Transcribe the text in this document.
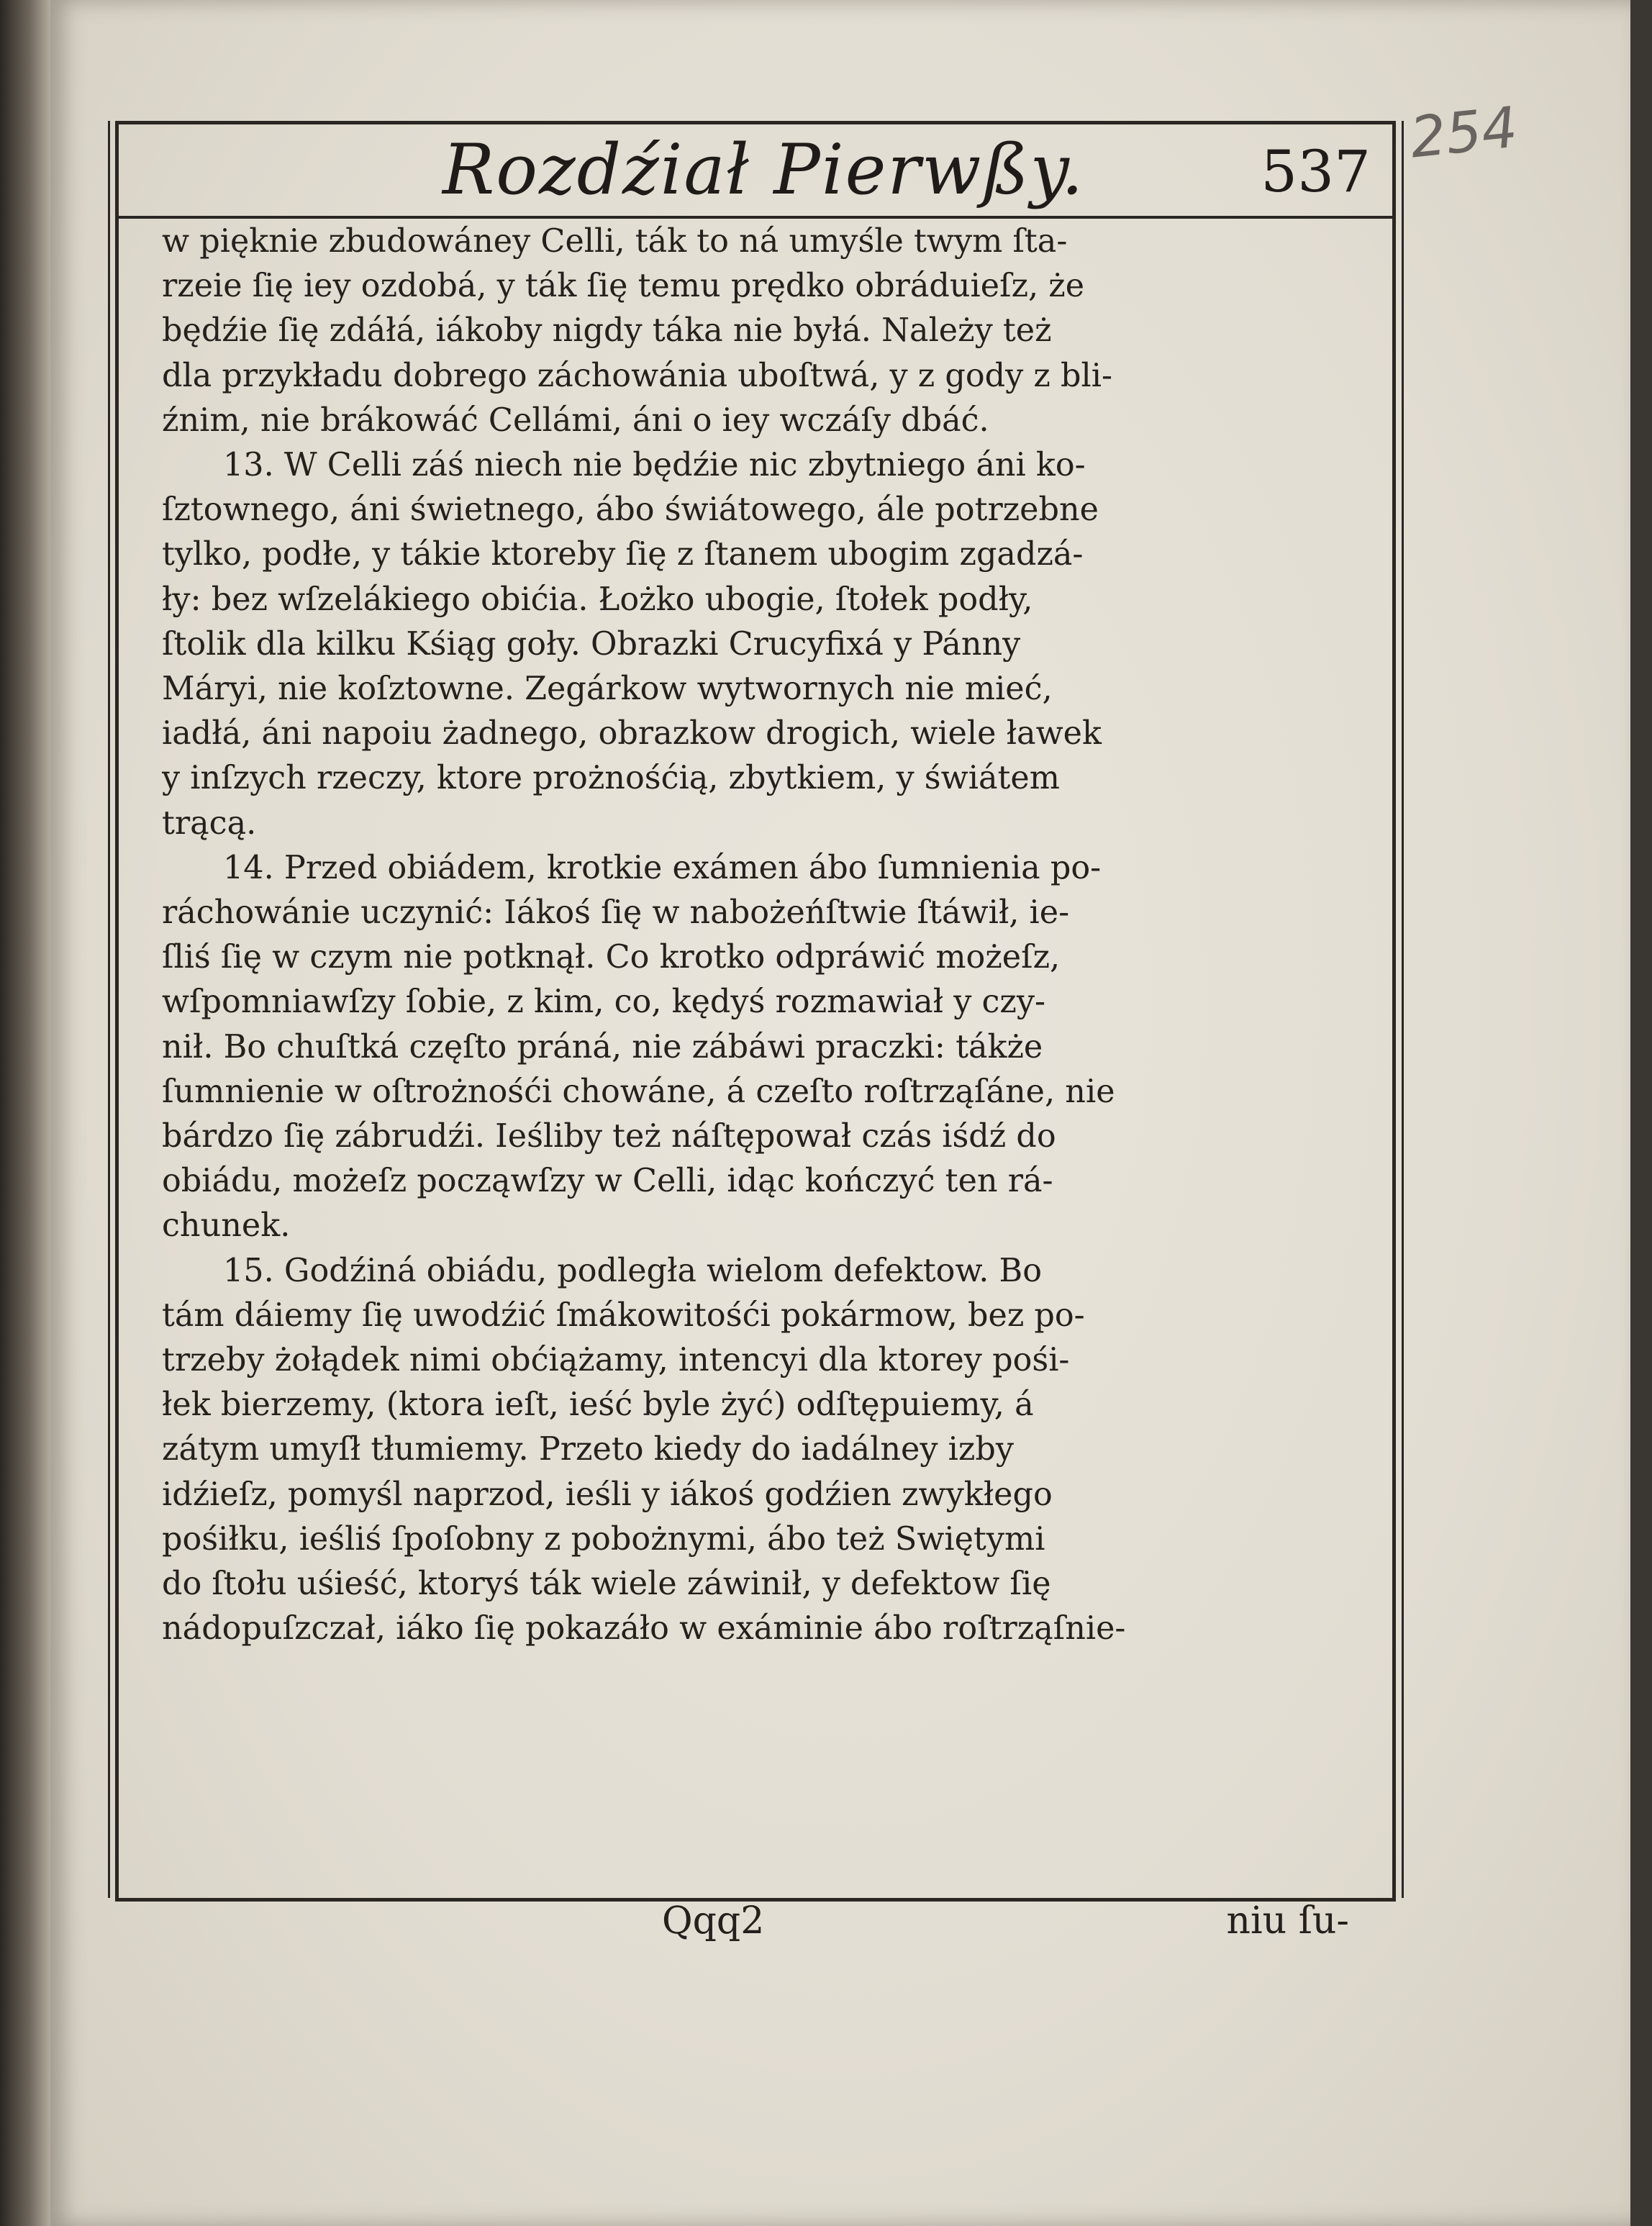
254
Rozdźiał Pierwßy.	537
w pięknie zbudowáney Celli, ták to ná umyśle twym ſta-
rzeie ſię iey ozdobá, y ták ſię temu prędko obráduieſz, że
będźie ſię zdáłá, iákoby nigdy táka nie byłá. Należy też
dla przykładu dobrego záchowánia uboſtwá, y z gody z bli-
źnim, nie brákowáć Cellámi, áni o iey wczáſy dbáć.
13. W Celli záś niech nie będźie nic zbytniego áni ko-
ſztownego, áni świetnego, ábo świátowego, ále potrzebne
tylko, podłe, y tákie ktoreby ſię z ſtanem ubogim zgadzá-
ły: bez wſzelákiego obićia. Łożko ubogie, ſtołek podły,
ſtolik dla kilku Kśiąg goły. Obrazki Crucyfixá y Pánny
Máryi, nie koſztowne. Zegárkow wytwornych nie mieć,
iadłá, áni napoiu żadnego, obrazkow drogich, wiele ławek
y inſzych rzeczy, ktore prożnośćią, zbytkiem, y świátem
trącą.
14. Przed obiádem, krotkie exámen ábo ſumnienia po-
ráchowánie uczynić: Iákoś ſię w nabożeńſtwie ſtáwił, ie-
ſliś ſię w czym nie potknął. Co krotko odpráwić możeſz,
wſpomniawſzy ſobie, z kim, co, kędyś rozmawiał y czy-
nił. Bo chuſtká częſto práná, nie zábáwi praczki: tákże
ſumnienie w oſtrożnośći chowáne, á czeſto roſtrząſáne, nie
bárdzo ſię zábrudźi. Ieśliby też náſtępował czás iśdź do
obiádu, możeſz począwſzy w Celli, idąc kończyć ten rá-
chunek.
15. Godźiná obiádu, podległa wielom defektow. Bo
tám dáiemy ſię uwodźić ſmákowitośći pokármow, bez po-
trzeby żołądek nimi obćiążamy, intencyi dla ktorey pośi-
łek bierzemy, (ktora ieſt, ieść byle żyć) odſtępuiemy, á
zátym umyſł tłumiemy. Przeto kiedy do iadálney izby
idźieſz, pomyśl naprzod, ieśli y iákoś godźien zwykłego
pośiłku, ieśliś ſpoſobny z pobożnymi, ábo też Swiętymi
do ſtołu uśieść, ktoryś ták wiele záwinił, y defektow ſię
nádopuſzczał, iáko ſię pokazáło w exáminie ábo roſtrząſnie-
Qqq2	niu ſu-
